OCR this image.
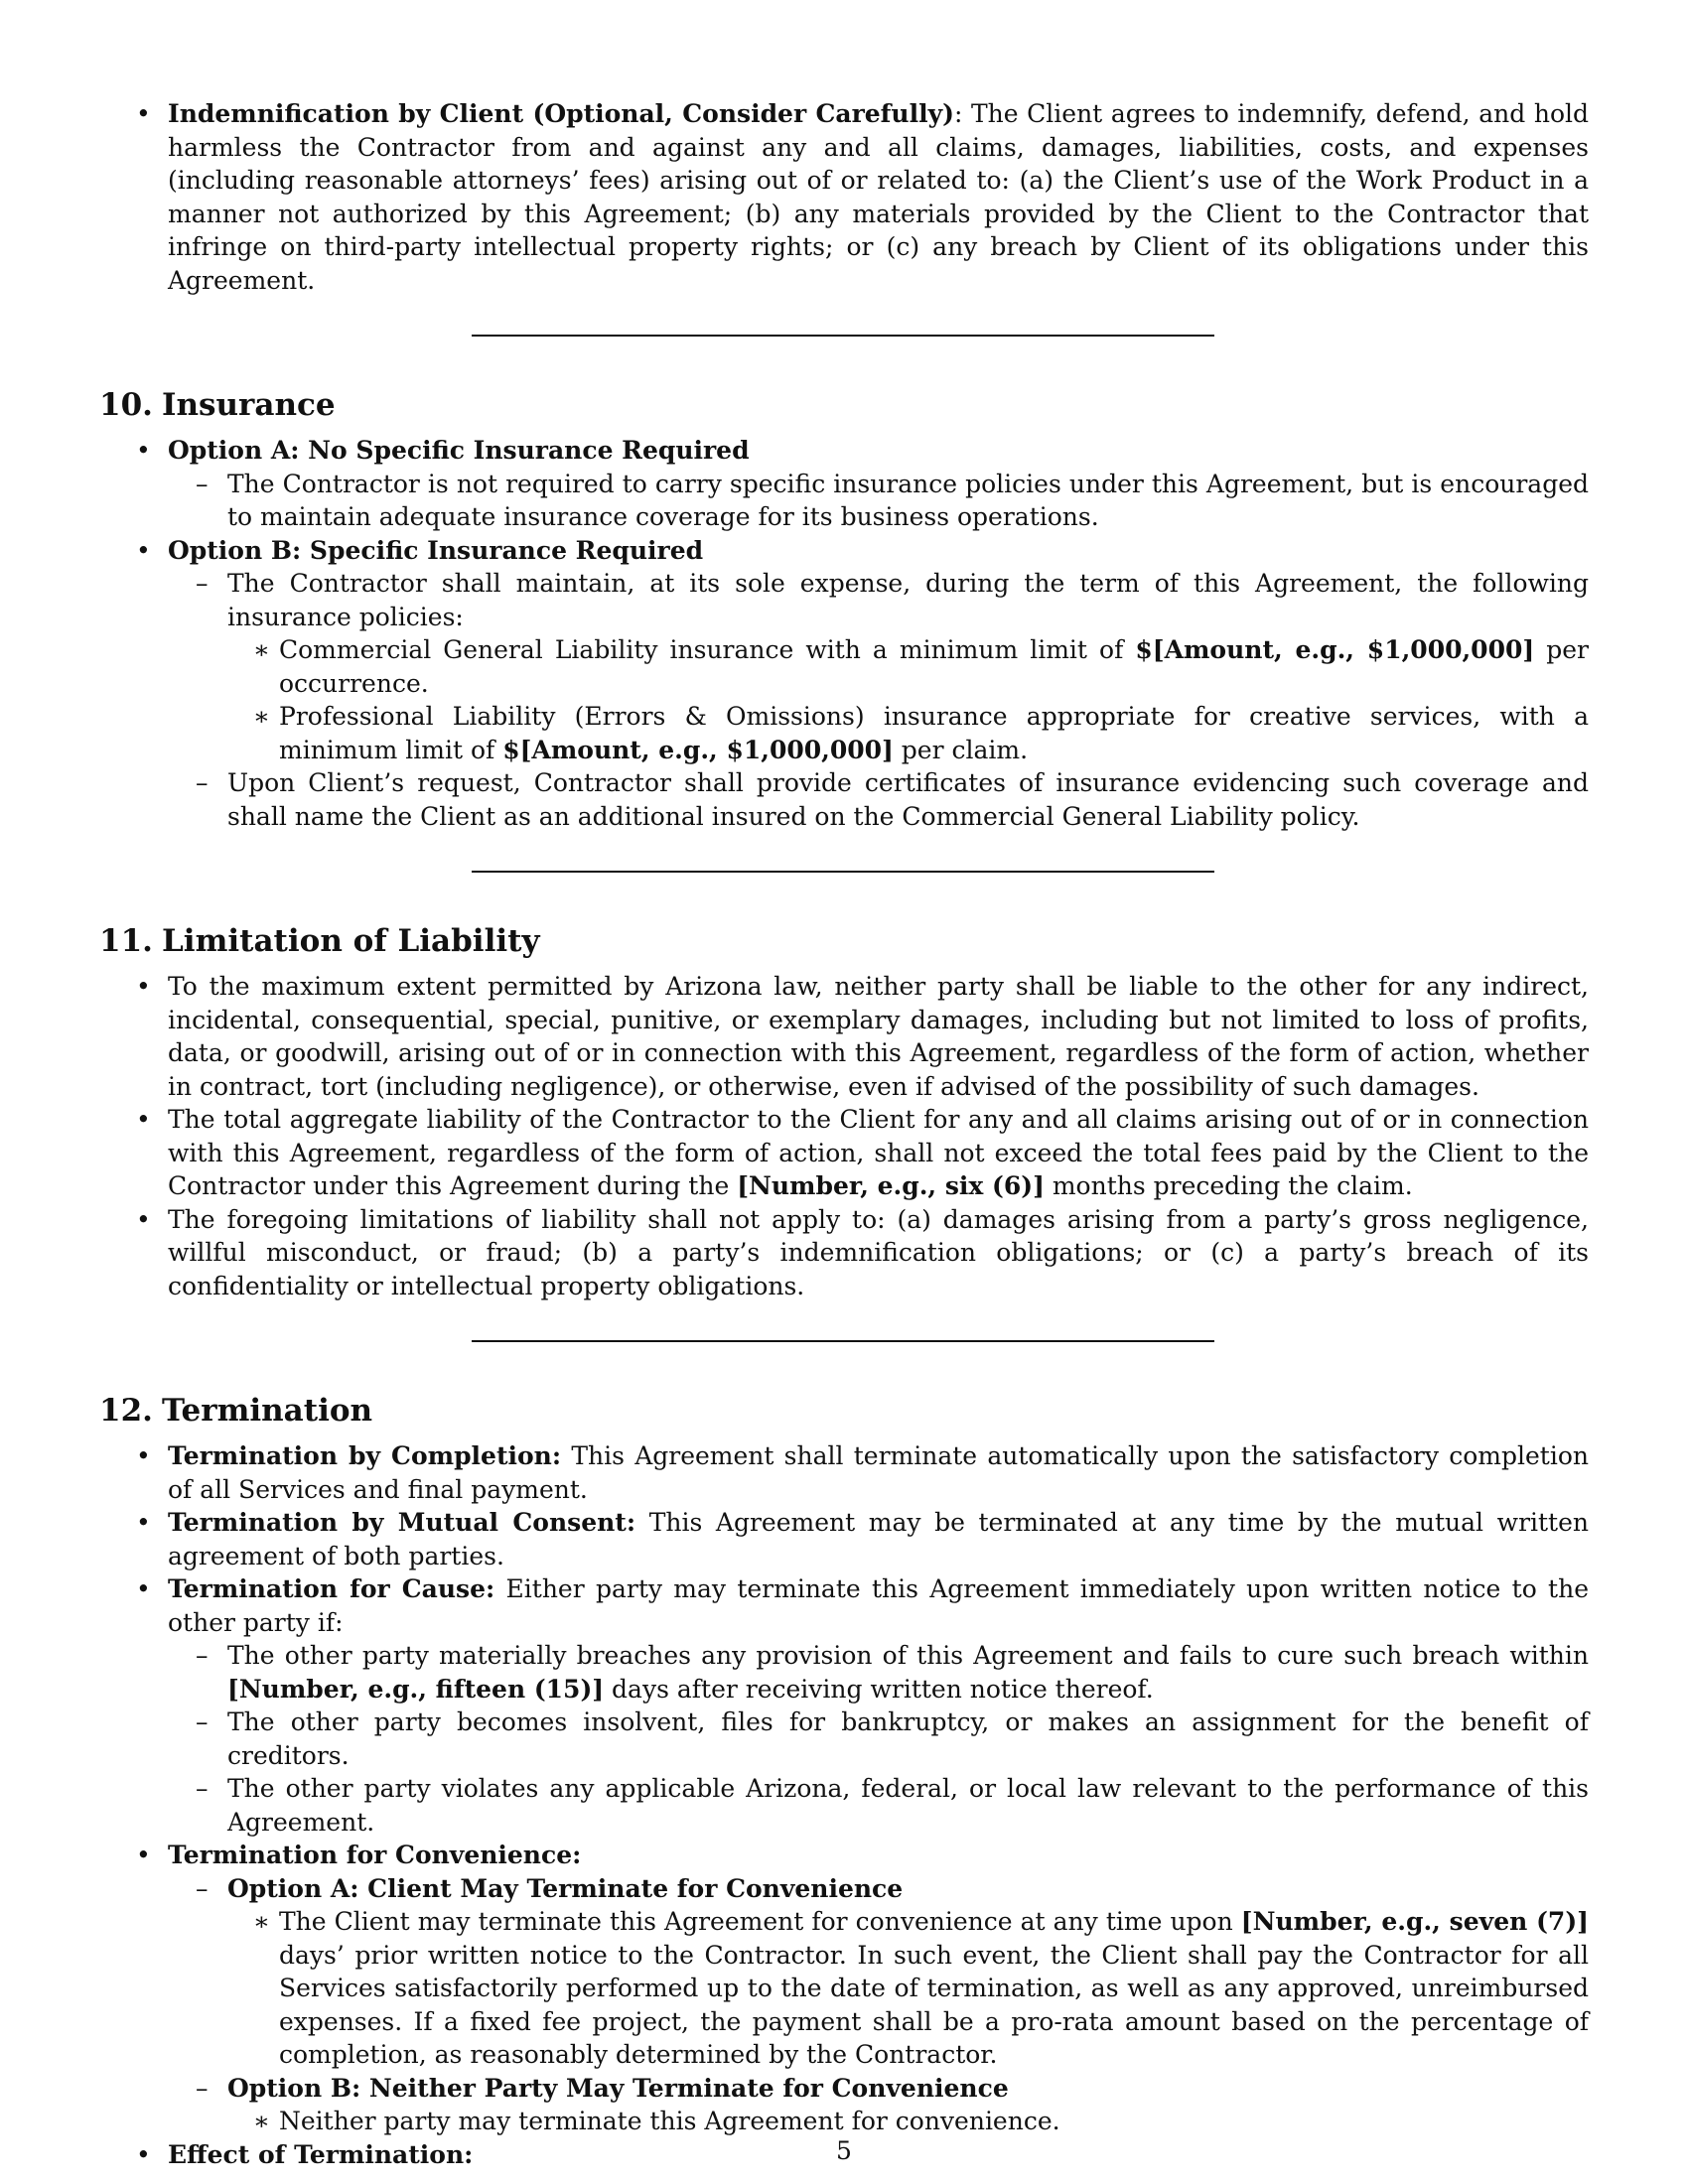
• Indemnification by Client (Optional, Consider Carefully): The Client agrees to indemnify, defend, and hold harmless the Contractor from and against any and all claims, damages, liabilities, costs, and expenses (including reasonable attorneys’ fees) arising out of or related to: (a) the Client’s use of the Work Product in a manner not authorized by this Agreement; (b) any materials provided by the Client to the Contractor that infringe on third-party intellectual property rights; or (c) any breach by Client of its obligations under this Agreement.
10. Insurance
• Option A: No Specific Insurance Required
– The Contractor is not required to carry specific insurance policies under this Agreement, but is encouraged to maintain adequate insurance coverage for its business operations.
• Option B: Specific Insurance Required
– The Contractor shall maintain, at its sole expense, during the term of this Agreement, the following insurance policies:
∗ Commercial General Liability insurance with a minimum limit of $[Amount, e.g., $1,000,000] per occurrence.
∗ Professional Liability (Errors & Omissions) insurance appropriate for creative services, with a minimum limit of $[Amount, e.g., $1,000,000] per claim.
– Upon Client’s request, Contractor shall provide certificates of insurance evidencing such coverage and shall name the Client as an additional insured on the Commercial General Liability policy.
11. Limitation of Liability
• To the maximum extent permitted by Arizona law, neither party shall be liable to the other for any indirect, incidental, consequential, special, punitive, or exemplary damages, including but not limited to loss of profits, data, or goodwill, arising out of or in connection with this Agreement, regardless of the form of action, whether in contract, tort (including negligence), or otherwise, even if advised of the possibility of such damages.
• The total aggregate liability of the Contractor to the Client for any and all claims arising out of or in connection with this Agreement, regardless of the form of action, shall not exceed the total fees paid by the Client to the Contractor under this Agreement during the [Number, e.g., six (6)] months preceding the claim.
• The foregoing limitations of liability shall not apply to: (a) damages arising from a party’s gross negligence, willful misconduct, or fraud; (b) a party’s indemnification obligations; or (c) a party’s breach of its confidentiality or intellectual property obligations.
12. Termination
• Termination by Completion: This Agreement shall terminate automatically upon the satisfactory completion of all Services and final payment.
• Termination by Mutual Consent: This Agreement may be terminated at any time by the mutual written agreement of both parties.
• Termination for Cause: Either party may terminate this Agreement immediately upon written notice to the other party if:
– The other party materially breaches any provision of this Agreement and fails to cure such breach within [Number, e.g., fifteen (15)] days after receiving written notice thereof.
– The other party becomes insolvent, files for bankruptcy, or makes an assignment for the benefit of creditors.
– The other party violates any applicable Arizona, federal, or local law relevant to the performance of this Agreement.
• Termination for Convenience:
– Option A: Client May Terminate for Convenience
∗ The Client may terminate this Agreement for convenience at any time upon [Number, e.g., seven (7)] days’ prior written notice to the Contractor. In such event, the Client shall pay the Contractor for all Services satisfactorily performed up to the date of termination, as well as any approved, unreimbursed expenses. If a fixed fee project, the payment shall be a pro-rata amount based on the percentage of completion, as reasonably determined by the Contractor.
– Option B: Neither Party May Terminate for Convenience
∗ Neither party may terminate this Agreement for convenience.
• Effect of Termination:	5
